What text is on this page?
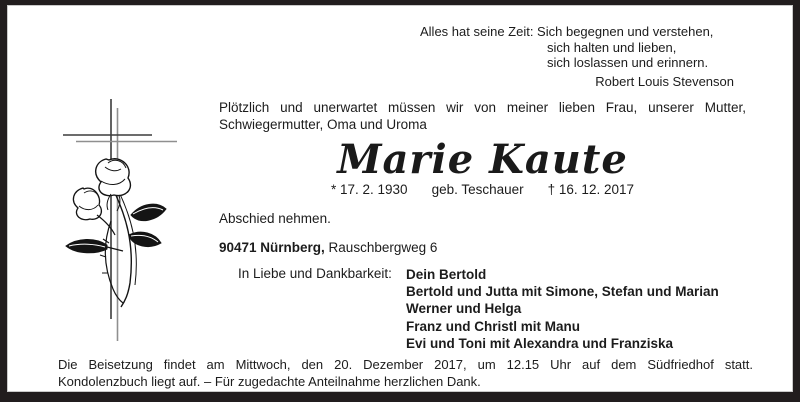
Alles hat seine Zeit: Sich begegnen und verstehen,
sich halten und lieben,
sich loslassen und erinnern.
Robert Louis Stevenson
Plötzlich und unerwartet müssen wir von meiner lieben Frau, unserer Mutter,
Schwiegermutter, Oma und Uroma
Marie Kaute
* 17. 2. 1930 geb. Teschauer † 16. 12. 2017
Abschied nehmen.
90471 Nürnberg, Rauschbergweg 6
In Liebe und Dankbarkeit: Dein Bertold
Bertold und Jutta mit Simone, Stefan und Marian
Werner und Helga
Franz und Christl mit Manu
Evi und Toni mit Alexandra und Franziska
Die Beisetzung findet am Mittwoch, den 20. Dezember 2017, um 12.15 Uhr auf dem Südfriedhof statt.
Kondolenzbuch liegt auf. – Für zugedachte Anteilnahme herzlichen Dank.
